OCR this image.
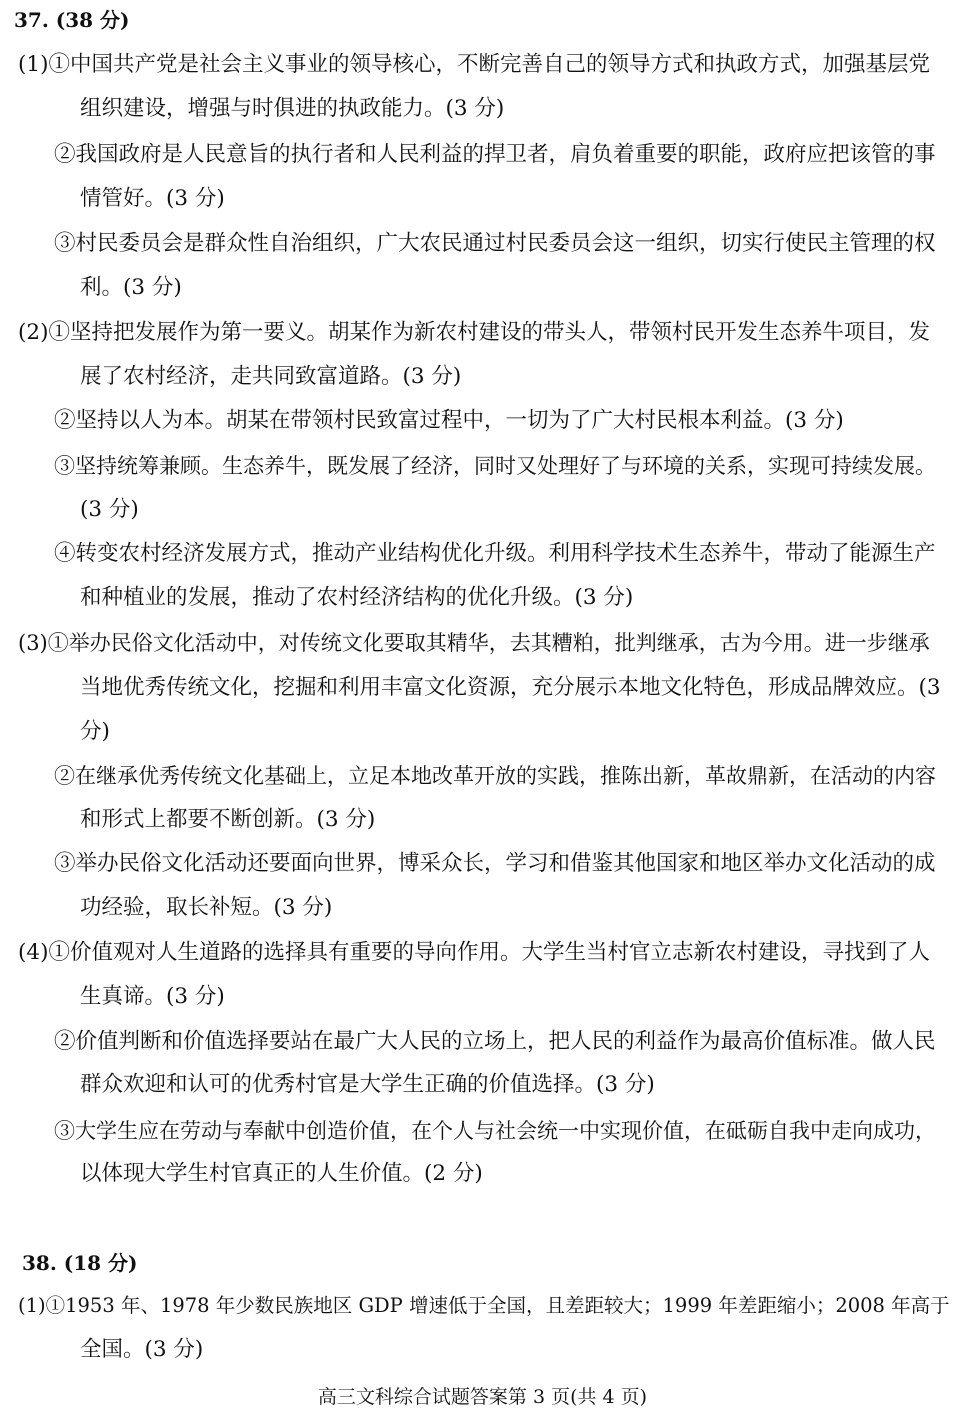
37. (38 分)
(1)①中国共产党是社会主义事业的领导核心，不断完善自己的领导方式和执政方式，加强基层党
组织建设，增强与时俱进的执政能力。(3 分)
②我国政府是人民意旨的执行者和人民利益的捍卫者，肩负着重要的职能，政府应把该管的事
情管好。(3 分)
③村民委员会是群众性自治组织，广大农民通过村民委员会这一组织，切实行使民主管理的权
利。(3 分)
(2)①坚持把发展作为第一要义。胡某作为新农村建设的带头人，带领村民开发生态养牛项目，发
展了农村经济，走共同致富道路。(3 分)
②坚持以人为本。胡某在带领村民致富过程中，一切为了广大村民根本利益。(3 分)
③坚持统筹兼顾。生态养牛，既发展了经济，同时又处理好了与环境的关系，实现可持续发展。
(3 分)
④转变农村经济发展方式，推动产业结构优化升级。利用科学技术生态养牛，带动了能源生产
和种植业的发展，推动了农村经济结构的优化升级。(3 分)
(3)①举办民俗文化活动中，对传统文化要取其精华，去其糟粕，批判继承，古为今用。进一步继承
当地优秀传统文化，挖掘和利用丰富文化资源，充分展示本地文化特色，形成品牌效应。(3
分)
②在继承优秀传统文化基础上，立足本地改革开放的实践，推陈出新，革故鼎新，在活动的内容
和形式上都要不断创新。(3 分)
③举办民俗文化活动还要面向世界，博采众长，学习和借鉴其他国家和地区举办文化活动的成
功经验，取长补短。(3 分)
(4)①价值观对人生道路的选择具有重要的导向作用。大学生当村官立志新农村建设，寻找到了人
生真谛。(3 分)
②价值判断和价值选择要站在最广大人民的立场上，把人民的利益作为最高价值标准。做人民
群众欢迎和认可的优秀村官是大学生正确的价值选择。(3 分)
③大学生应在劳动与奉献中创造价值，在个人与社会统一中实现价值，在砥砺自我中走向成功，
以体现大学生村官真正的人生价值。(2 分)
38. (18 分)
(1)①1953 年、1978 年少数民族地区 GDP 增速低于全国，且差距较大；1999 年差距缩小；2008 年高于
全国。(3 分)
高三文科综合试题答案第 3 页(共 4 页)
